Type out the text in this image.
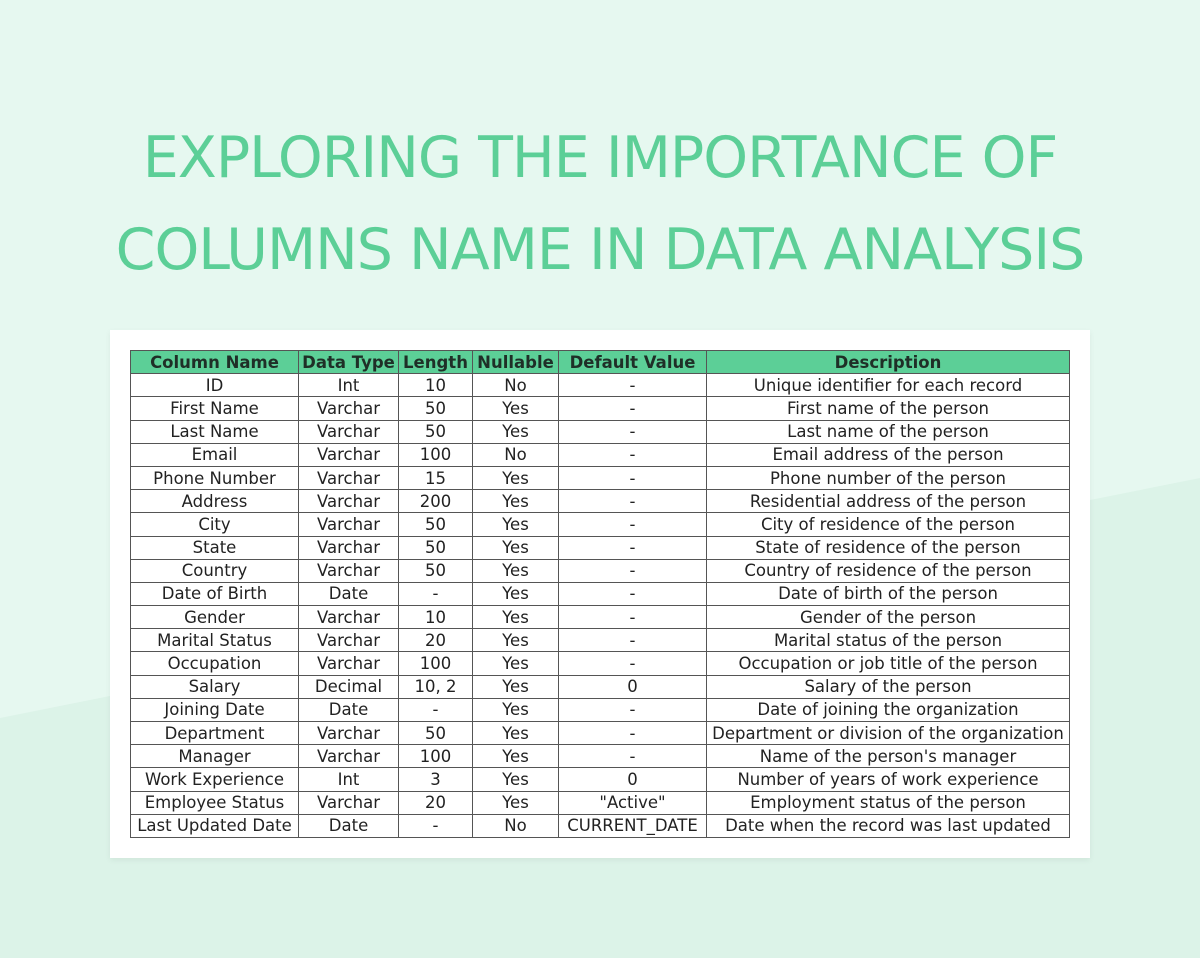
EXPLORING THE IMPORTANCE OF
COLUMNS NAME IN DATA ANALYSIS
Column Name	Data Type	Length	Nullable	Default Value	Description
ID	Int	10	No	-	Unique identifier for each record
First Name	Varchar	50	Yes	-	First name of the person
Last Name	Varchar	50	Yes	-	Last name of the person
Email	Varchar	100	No	-	Email address of the person
Phone Number	Varchar	15	Yes	-	Phone number of the person
Address	Varchar	200	Yes	-	Residential address of the person
City	Varchar	50	Yes	-	City of residence of the person
State	Varchar	50	Yes	-	State of residence of the person
Country	Varchar	50	Yes	-	Country of residence of the person
Date of Birth	Date	-	Yes	-	Date of birth of the person
Gender	Varchar	10	Yes	-	Gender of the person
Marital Status	Varchar	20	Yes	-	Marital status of the person
Occupation	Varchar	100	Yes	-	Occupation or job title of the person
Salary	Decimal	10, 2	Yes	0	Salary of the person
Joining Date	Date	-	Yes	-	Date of joining the organization
Department	Varchar	50	Yes	-	Department or division of the organization
Manager	Varchar	100	Yes	-	Name of the person's manager
Work Experience	Int	3	Yes	0	Number of years of work experience
Employee Status	Varchar	20	Yes	"Active"	Employment status of the person
Last Updated Date	Date	-	No	CURRENT_DATE	Date when the record was last updated
